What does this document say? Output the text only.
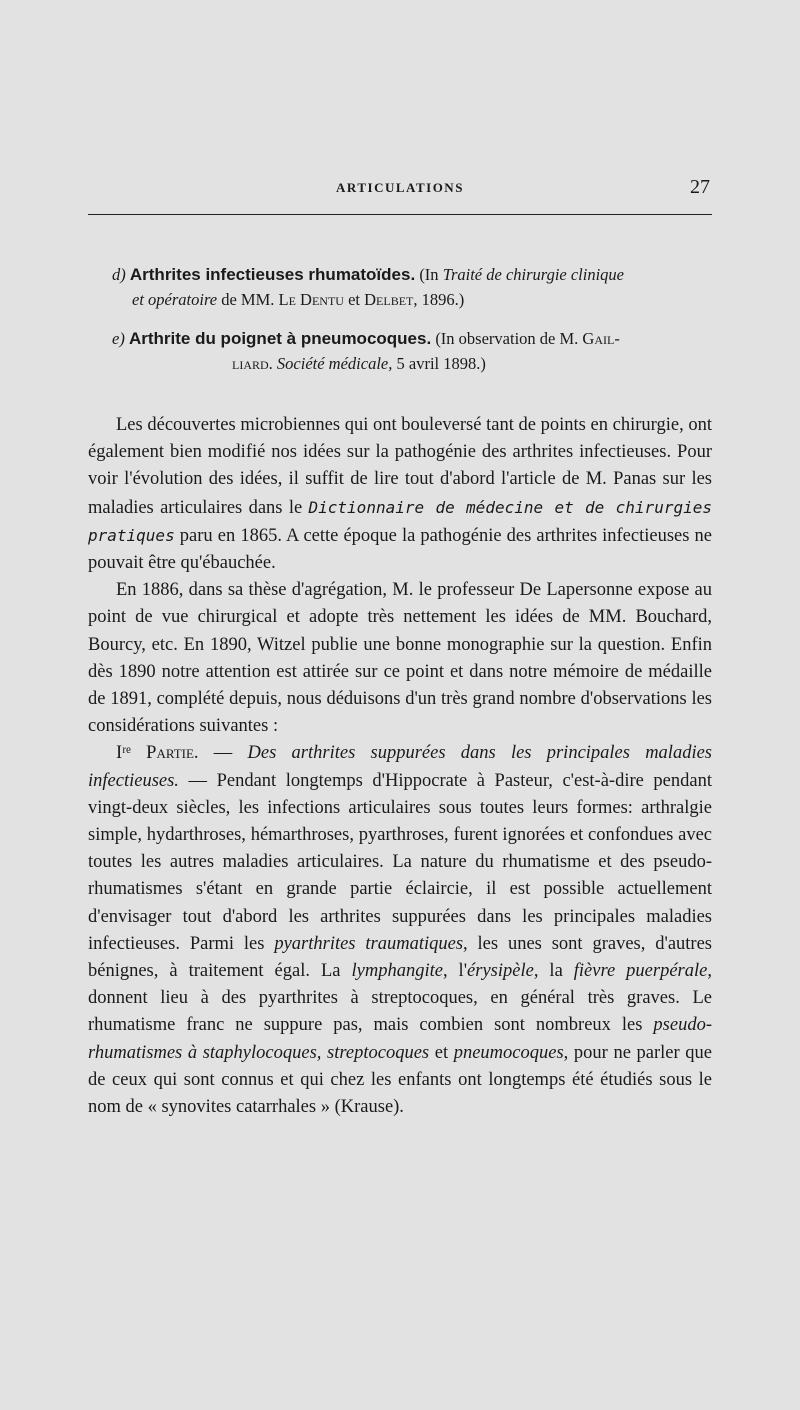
ARTICULATIONS	27
d) Arthrites infectieuses rhumatoïdes. (In Traité de chirurgie clinique
et opératoire de MM. Le Dentu et Delbet, 1896.)
e) Arthrite du poignet à pneumocoques. (In observation de M. Gail-
liard. Société médicale, 5 avril 1898.)

Les découvertes microbiennes qui ont bouleversé tant de points en chirurgie, ont également bien modifié nos idées sur la pathogénie des arthrites infectieuses. Pour voir l'évolution des idées, il suffit de lire tout d'abord l'article de M. Panas sur les maladies articulaires dans le Dictionnaire de médecine et de chirurgies pratiques paru en 1865. A cette époque la pathogénie des arthrites infectieuses ne pouvait être qu'ébauchée.

En 1886, dans sa thèse d'agrégation, M. le professeur De Lapersonne expose au point de vue chirurgical et adopte très nettement les idées de MM. Bouchard, Bourcy, etc. En 1890, Witzel publie une bonne monographie sur la question. Enfin dès 1890 notre attention est attirée sur ce point et dans notre mémoire de médaille de 1891, complété depuis, nous déduisons d'un très grand nombre d'observations les considérations suivantes :

Iʳᵉ Partie. — Des arthrites suppurées dans les principales maladies infectieuses. — Pendant longtemps d'Hippocrate à Pasteur, c'est-à-dire pendant vingt-deux siècles, les infections articulaires sous toutes leurs formes: arthralgie simple, hydarthroses, hémarthroses, pyarthroses, furent ignorées et confondues avec toutes les autres maladies articulaires. La nature du rhumatisme et des pseudo-rhumatismes s'étant en grande partie éclaircie, il est possible actuellement d'envisager tout d'abord les arthrites suppurées dans les principales maladies infectieuses. Parmi les pyarthrites traumatiques, les unes sont graves, d'autres bénignes, à traitement égal. La lymphangite, l'érysipèle, la fièvre puerpérale, donnent lieu à des pyarthrites à streptocoques, en général très graves. Le rhumatisme franc ne suppure pas, mais combien sont nombreux les pseudo-rhumatismes à staphylocoques, streptocoques et pneumocoques, pour ne parler que de ceux qui sont connus et qui chez les enfants ont longtemps été étudiés sous le nom de « synovites catarrhales » (Krause).
